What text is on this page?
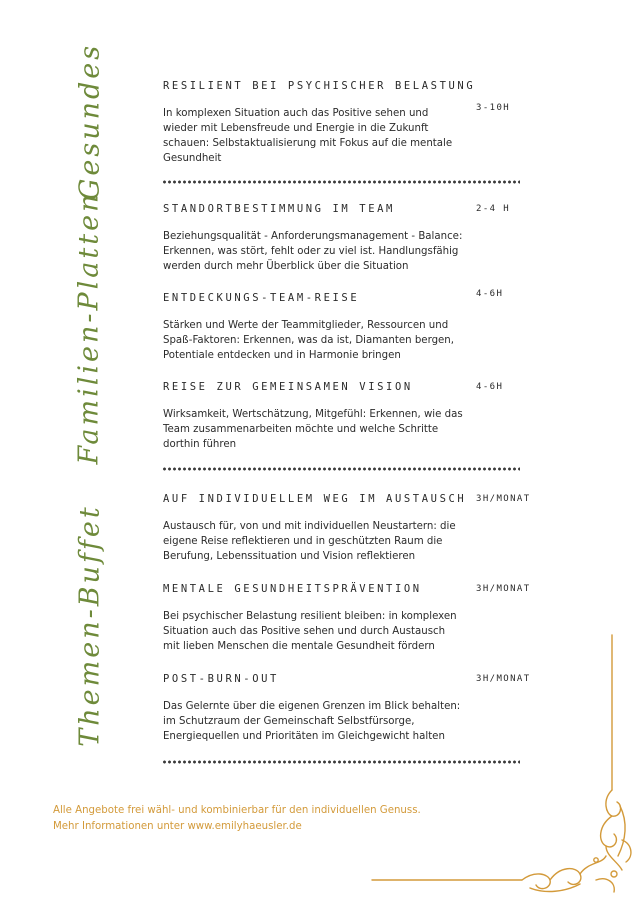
Gesundes
Familien-Platten
Themen-Buffet
RESILIENT BEI PSYCHISCHER BELASTUNG
In komplexen Situation auch das Positive sehen und wieder mit Lebensfreude und Energie in die Zukunft schauen: Selbstaktualisierung mit Fokus auf die mentale Gesundheit
3-10H
STANDORTBESTIMMUNG IM TEAM
Beziehungsqualität - Anforderungsmanagement - Balance: Erkennen, was stört, fehlt oder zu viel ist. Handlungsfähig werden durch mehr Überblick über die Situation
2-4 H
ENTDECKUNGS-TEAM-REISE
Stärken und Werte der Teammitglieder, Ressourcen und Spaß-Faktoren: Erkennen, was da ist, Diamanten bergen, Potentiale entdecken und in Harmonie bringen
4-6H
REISE ZUR GEMEINSAMEN VISION
Wirksamkeit, Wertschätzung, Mitgefühl: Erkennen, wie das Team zusammenarbeiten möchte und welche Schritte dorthin führen
4-6H
AUF INDIVIDUELLEM WEG IM AUSTAUSCH
Austausch für, von und mit individuellen Neustartern: die eigene Reise reflektieren und in geschützten Raum die Berufung, Lebenssituation und Vision reflektieren
3H/MONAT
MENTALE GESUNDHEITSPRÄVENTION
Bei psychischer Belastung resilient bleiben: in komplexen Situation auch das Positive sehen und durch Austausch mit lieben Menschen die mentale Gesundheit fördern
3H/MONAT
POST-BURN-OUT
Das Gelernte über die eigenen Grenzen im Blick behalten: im Schutzraum der Gemeinschaft Selbstfürsorge, Energiequellen und Prioritäten im Gleichgewicht halten
3H/MONAT
Alle Angebote frei wähl- und kombinierbar für den individuellen Genuss.
Mehr Informationen unter www.emilyhaeusler.de
